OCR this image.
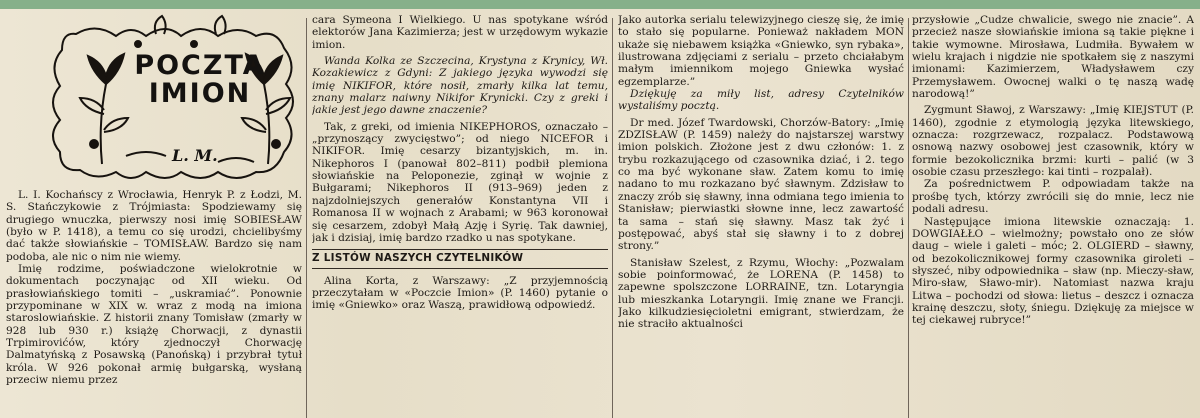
POCZTA IMION
L. M.

L. I. Kochańscy z Wrocławia, Henryk P. z Łodzi, M. S. Stańczykowie z Trójmiasta: Spodziewamy się drugiego wnuczka, pierwszy nosi imię SOBIESŁAW (było w P. 1418), a temu co się urodzi, chcielibyśmy dać także słowiańskie – TOMISŁAW. Bardzo się nam podoba, ale nic o nim nie wiemy.

Imię rodzime, poświadczone wielokrotnie w dokumentach poczynając od XII wieku. Od prasłowiańskiego tomiti – „uskramiać”. Ponownie przypominane w XIX w. wraz z modą na imiona staroslowiańskie. Z historii znany Tomisław (zmarły w 928 lub 930 r.) książę Chorwacji, z dynastii Trpimirovićów, który zjednoczył Chorwację Dalmatyńską z Posawską (Panońską) i przybrał tytuł króla. W 926 pokonał armię bułgarską, wysłaną przeciw niemu przez

cara Symeona I Wielkiego. U nas spotykane wśród elektorów Jana Kazimierza; jest w urzędowym wykazie imion.

Wanda Kolka ze Szczecina, Krystyna z Krynicy, Wł. Kozakiewicz z Gdyni: Z jakiego języka wywodzi się imię NIKIFOR, które nosił, zmarły kilka lat temu, znany malarz naiwny Nikifor Krynicki. Czy z greki i jakie jest jego dawne znaczenie?

Tak, z greki, od imienia NIKEPHOROS, oznaczało – „przynoszący zwycięstwo”; od niego NICEFOR i NIKIFOR. Imię cesarzy bizantyjskich, m. in. Nikephoros I (panował 802–811) podbił plemiona słowiańskie na Peloponezie, zginął w wojnie z Bułgarami; Nikephoros II (913–969) jeden z najzdolniejszych generałów Konstantyna VII i Romanosa II w wojnach z Arabami; w 963 koronował się cesarzem, zdobył Małą Azję i Syrię. Tak dawniej, jak i dzisiaj, imię bardzo rzadko u nas spotykane.

Z LISTÓW NASZYCH CZYTELNIKÓW

Alina Korta, z Warszawy: „Z przyjemnością przeczytałam w «Poczcie Imion» (P. 1460) pytanie o imię «Gniewko» oraz Waszą, prawidłową odpowiedź.

Jako autorka serialu telewizyjnego cieszę się, że imię to stało się popularne. Ponieważ nakładem MON ukaże się niebawem książka «Gniewko, syn rybaka», ilustrowana zdjęciami z serialu – przeto chciałabym małym imiennikom mojego Gniewka wysłać egzemplarze.”

Dziękuję za miły list, adresy Czytelników wystaliśmy pocztą.

Dr med. Józef Twardowski, Chorzów-Batory: „Imię ZDZISŁAW (P. 1459) należy do najstarszej warstwy imion polskich. Złożone jest z dwu członów: 1. z trybu rozkazującego od czasownika dziać, i 2. tego co ma być wykonane sław. Zatem komu to imię nadano to mu rozkazano być sławnym. Zdzisław to znaczy zrób się sławny, inna odmiana tego imienia to Stanisław; pierwiastki słowne inne, lecz zawartość ta sama – stań się sławny. Masz tak żyć i postępować, abyś stał się sławny i to z dobrej strony.”

Stanisław Szelest, z Rzymu, Włochy: „Pozwalam sobie poinformować, że LORENA (P. 1458) to zapewne spolszczone LORRAINE, tzn. Lotaryngia lub mieszkanka Lotaryngii. Imię znane we Francji. Jako kilkudziesięcioletni emigrant, stwierdzam, że nie straciło aktualności

przysłowie „Cudze chwalicie, swego nie znacie”. A przecież nasze słowiańskie imiona są takie piękne i takie wymowne. Mirosława, Ludmiła. Bywałem w wielu krajach i nigdzie nie spotkałem się z naszymi imionami: Kazimierzem, Władysławem czy Przemysławem. Owocnej walki o tę naszą wadę narodową!”

Zygmunt Sławoj, z Warszawy: „Imię KIEJSTUT (P. 1460), zgodnie z etymologią języka litewskiego, oznacza: rozgrzewacz, rozpalacz. Podstawową osnową nazwy osobowej jest czasownik, który w formie bezokolicznika brzmi: kurti – palić (w 3 osobie czasu przeszłego: kai tinti – rozpalał).

Za pośrednictwem P. odpowiadam także na prośbę tych, którzy zwrócili się do mnie, lecz nie podali adresu.

Następujące imiona litewskie oznaczają: 1. DOWGIAŁŁO – wielmożny; powstało ono ze słów daug – wiele i galeti – móc; 2. OLGIERD – sławny, od bezokolicznikowej formy czasownika giroleti – słyszeć, niby odpowiednika – sław (np. Mieczy-sław, Miro-sław, Sławo-mir). Natomiast nazwa kraju Litwa – pochodzi od słowa: lietus – deszcz i oznacza krainę deszczu, słoty, śniegu. Dziękuję za miejsce w tej ciekawej rubryce!”
